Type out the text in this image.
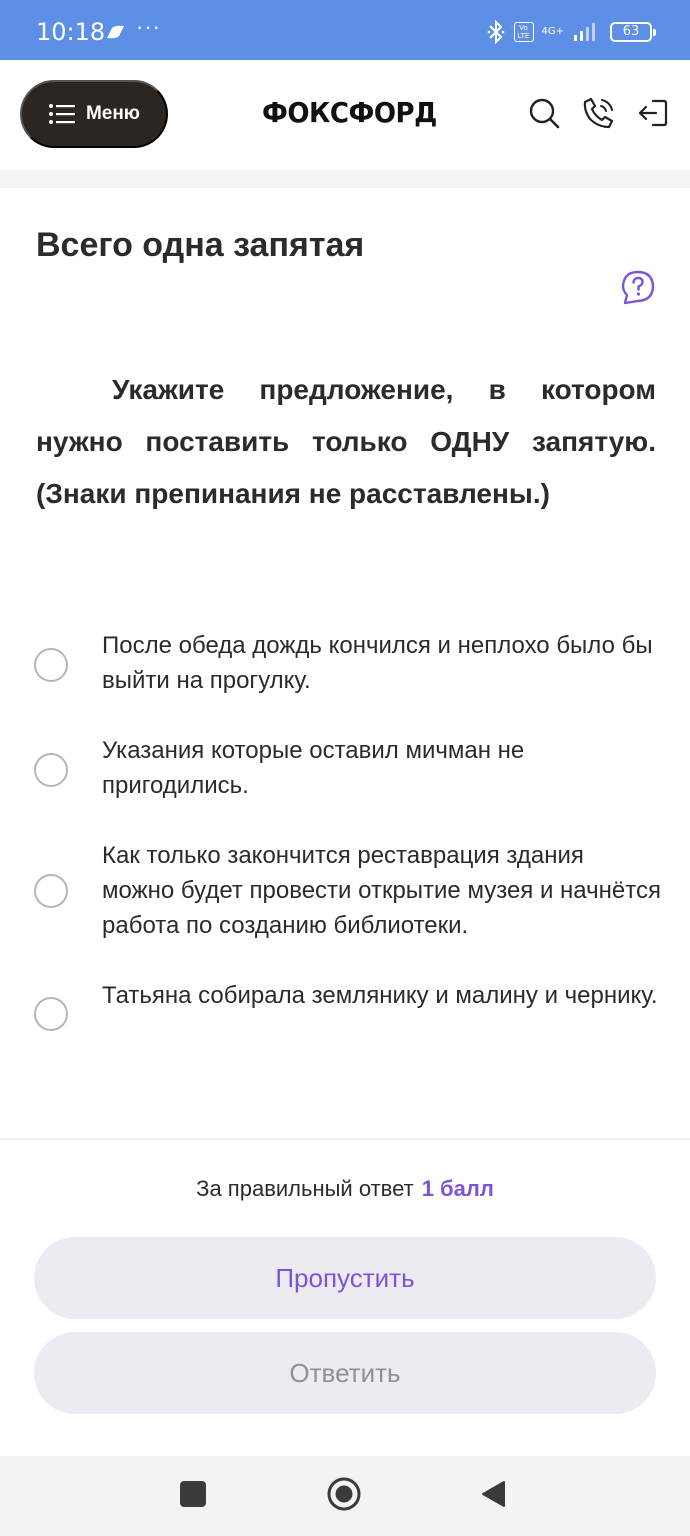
10:18 ···	Vo LTE	4G+	63
Меню	ФОКСФОРД
Всего одна запятая

Укажите предложение, в котором нужно поставить только ОДНУ запятую. (Знаки препинания не расставлены.)

После обеда дождь кончился и неплохо было бы выйти на прогулку.
Указания которые оставил мичман не пригодились.
Как только закончится реставрация здания можно будет провести открытие музея и начнётся работа по созданию библиотеки.
Татьяна собирала землянику и малину и чернику.
За правильный ответ 1 балл
Пропустить
Ответить
